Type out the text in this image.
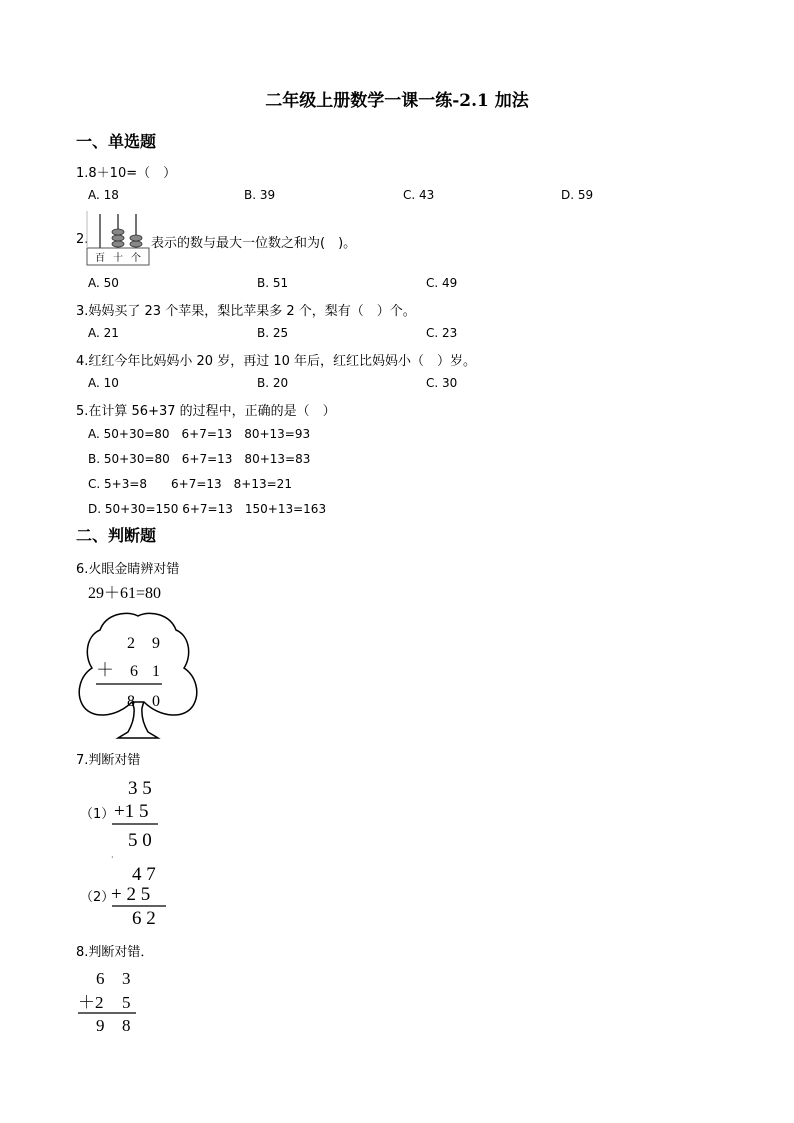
二年级上册数学一课一练-2.1 加法
一、单选题
1.8＋10=（　）
A. 18	B. 39	C. 43	D. 59
2.
百 十 个
表示的数与最大一位数之和为(　)。
A. 50	B. 51	C. 49
3.妈妈买了 23 个苹果，梨比苹果多 2 个，梨有（　）个。
A. 21	B. 25	C. 23
4.红红今年比妈妈小 20 岁，再过 10 年后，红红比妈妈小（　）岁。
A. 10	B. 20	C. 30
5.在计算 56+37 的过程中，正确的是（　）
A. 50+30=80　6+7=13　80+13=93
B. 50+30=80　6+7=13　80+13=83
C. 5+3=8　　6+7=13　8+13=21
D. 50+30=150 6+7=13　150+13=163
二、判断题
6.火眼金睛辨对错
29＋61=80
2 9
＋ 6 1
8 0
7.判断对错
（1）
3 5
+1 5
5 0
·
（2）
4 7
+ 2 5
6 2
8.判断对错．
6 3
＋2 5
9 8
